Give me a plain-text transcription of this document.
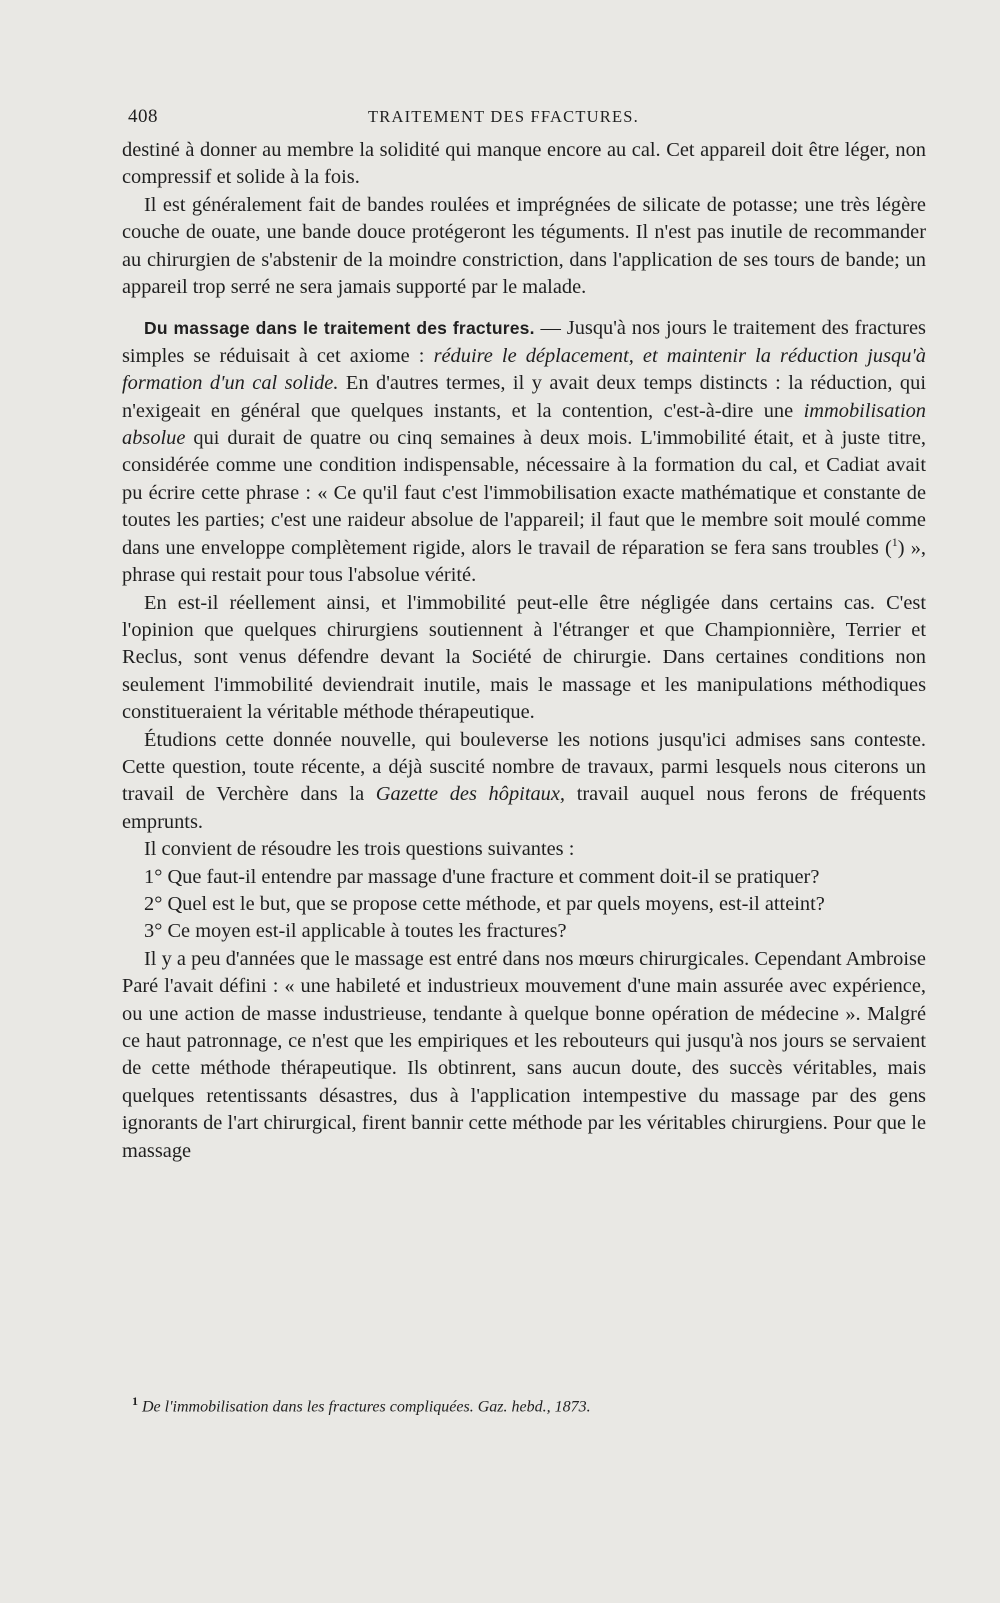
408	TRAITEMENT DES FFACTURES.

destiné à donner au membre la solidité qui manque encore au cal. Cet appareil doit être léger, non compressif et solide à la fois.

Il est généralement fait de bandes roulées et imprégnées de silicate de potasse; une très légère couche de ouate, une bande douce protégeront les téguments. Il n'est pas inutile de recommander au chirurgien de s'abstenir de la moindre constriction, dans l'application de ses tours de bande; un appareil trop serré ne sera jamais supporté par le malade.

Du massage dans le traitement des fractures. — Jusqu'à nos jours le traitement des fractures simples se réduisait à cet axiome : réduire le déplacement, et maintenir la réduction jusqu'à formation d'un cal solide. En d'autres termes, il y avait deux temps distincts : la réduction, qui n'exigeait en général que quelques instants, et la contention, c'est-à-dire une immobilisation absolue qui durait de quatre ou cinq semaines à deux mois. L'immobilité était, et à juste titre, considérée comme une condition indispensable, nécessaire à la formation du cal, et Cadiat avait pu écrire cette phrase : « Ce qu'il faut c'est l'immobilisation exacte mathématique et constante de toutes les parties; c'est une raideur absolue de l'appareil; il faut que le membre soit moulé comme dans une enveloppe complètement rigide, alors le travail de réparation se fera sans troubles ($^1$) », phrase qui restait pour tous l'absolue vérité.

En est-il réellement ainsi, et l'immobilité peut-elle être négligée dans certains cas. C'est l'opinion que quelques chirurgiens soutiennent à l'étranger et que Championnière, Terrier et Reclus, sont venus défendre devant la Société de chirurgie. Dans certaines conditions non seulement l'immobilité deviendrait inutile, mais le massage et les manipulations méthodiques constitueraient la véritable méthode thérapeutique.

Étudions cette donnée nouvelle, qui bouleverse les notions jusqu'ici admises sans conteste. Cette question, toute récente, a déjà suscité nombre de travaux, parmi lesquels nous citerons un travail de Verchère dans la Gazette des hôpitaux, travail auquel nous ferons de fréquents emprunts.

Il convient de résoudre les trois questions suivantes :

1° Que faut-il entendre par massage d'une fracture et comment doit-il se pratiquer?

2° Quel est le but, que se propose cette méthode, et par quels moyens, est-il atteint?

3° Ce moyen est-il applicable à toutes les fractures?

Il y a peu d'années que le massage est entré dans nos mœurs chirurgicales. Cependant Ambroise Paré l'avait défini : « une habileté et industrieux mouvement d'une main assurée avec expérience, ou une action de masse industrieuse, tendante à quelque bonne opération de médecine ». Malgré ce haut patronnage, ce n'est que les empiriques et les rebouteurs qui jusqu'à nos jours se servaient de cette méthode thérapeutique. Ils obtinrent, sans aucun doute, des succès véritables, mais quelques retentissants désastres, dus à l'application intempestive du massage par des gens ignorants de l'art chirurgical, firent bannir cette méthode par les véritables chirurgiens. Pour que le massage

$^1$ De l'immobilisation dans les fractures compliquées. Gaz. hebd., 1873.
